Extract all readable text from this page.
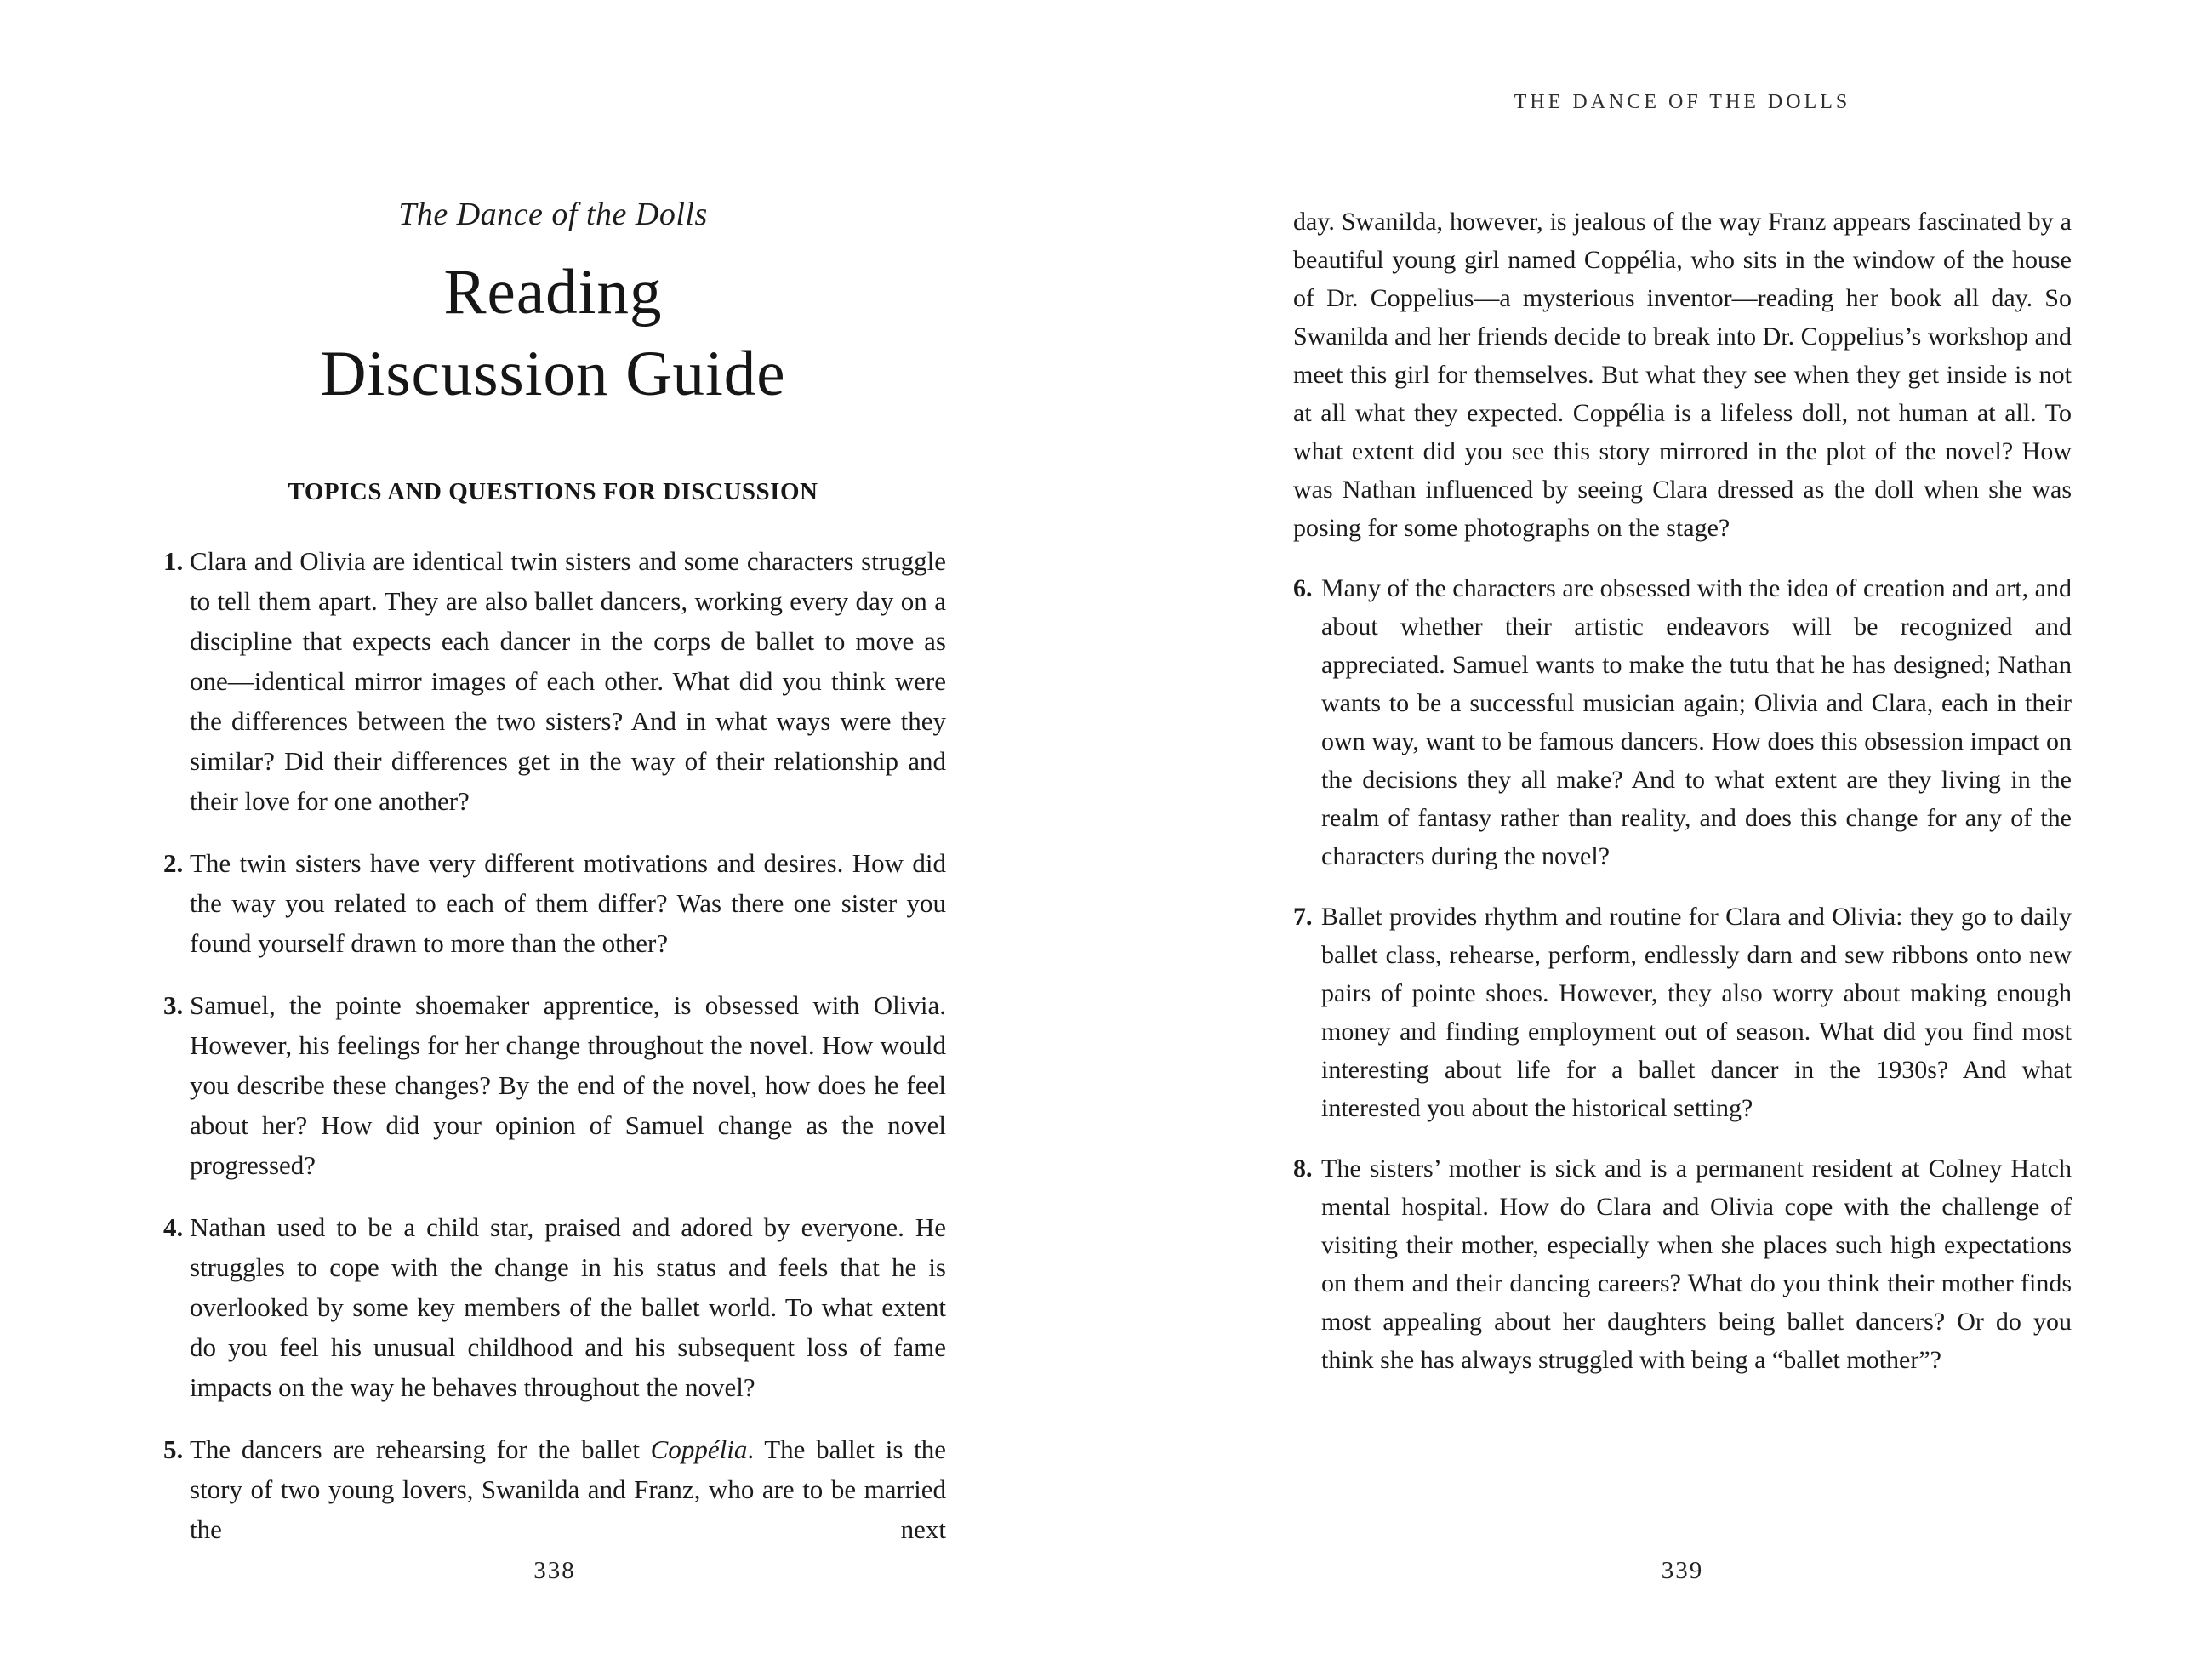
The Dance of the Dolls
Reading
Discussion Guide
TOPICS AND QUESTIONS FOR DISCUSSION
1. Clara and Olivia are identical twin sisters and some characters struggle to tell them apart. They are also ballet dancers, working every day on a discipline that expects each dancer in the corps de ballet to move as one—identical mirror images of each other. What did you think were the differences between the two sisters? And in what ways were they similar? Did their differences get in the way of their relationship and their love for one another?
2. The twin sisters have very different motivations and desires. How did the way you related to each of them differ? Was there one sister you found yourself drawn to more than the other?
3. Samuel, the pointe shoemaker apprentice, is obsessed with Olivia. However, his feelings for her change throughout the novel. How would you describe these changes? By the end of the novel, how does he feel about her? How did your opinion of Samuel change as the novel progressed?
4. Nathan used to be a child star, praised and adored by everyone. He struggles to cope with the change in his status and feels that he is overlooked by some key members of the ballet world. To what extent do you feel his unusual childhood and his subsequent loss of fame impacts on the way he behaves throughout the novel?
5. The dancers are rehearsing for the ballet Coppélia. The ballet is the story of two young lovers, Swanilda and Franz, who are to be married the next
338
THE DANCE OF THE DOLLS

day. Swanilda, however, is jealous of the way Franz appears fascinated by a beautiful young girl named Coppélia, who sits in the window of the house of Dr. Coppelius—a mysterious inventor—reading her book all day. So Swanilda and her friends decide to break into Dr. Coppelius’s workshop and meet this girl for themselves. But what they see when they get inside is not at all what they expected. Coppélia is a lifeless doll, not human at all. To what extent did you see this story mirrored in the plot of the novel? How was Nathan influenced by seeing Clara dressed as the doll when she was posing for some photographs on the stage?

6. Many of the characters are obsessed with the idea of creation and art, and about whether their artistic endeavors will be recognized and appreciated. Samuel wants to make the tutu that he has designed; Nathan wants to be a successful musician again; Olivia and Clara, each in their own way, want to be famous dancers. How does this obsession impact on the decisions they all make? And to what extent are they living in the realm of fantasy rather than reality, and does this change for any of the characters during the novel?
7. Ballet provides rhythm and routine for Clara and Olivia: they go to daily ballet class, rehearse, perform, endlessly darn and sew ribbons onto new pairs of pointe shoes. However, they also worry about making enough money and finding employment out of season. What did you find most interesting about life for a ballet dancer in the 1930s? And what interested you about the historical setting?
8. The sisters’ mother is sick and is a permanent resident at Colney Hatch mental hospital. How do Clara and Olivia cope with the challenge of visiting their mother, especially when she places such high expectations on them and their dancing careers? What do you think their mother finds most appealing about her daughters being ballet dancers? Or do you think she has always struggled with being a “ballet mother”?
339
